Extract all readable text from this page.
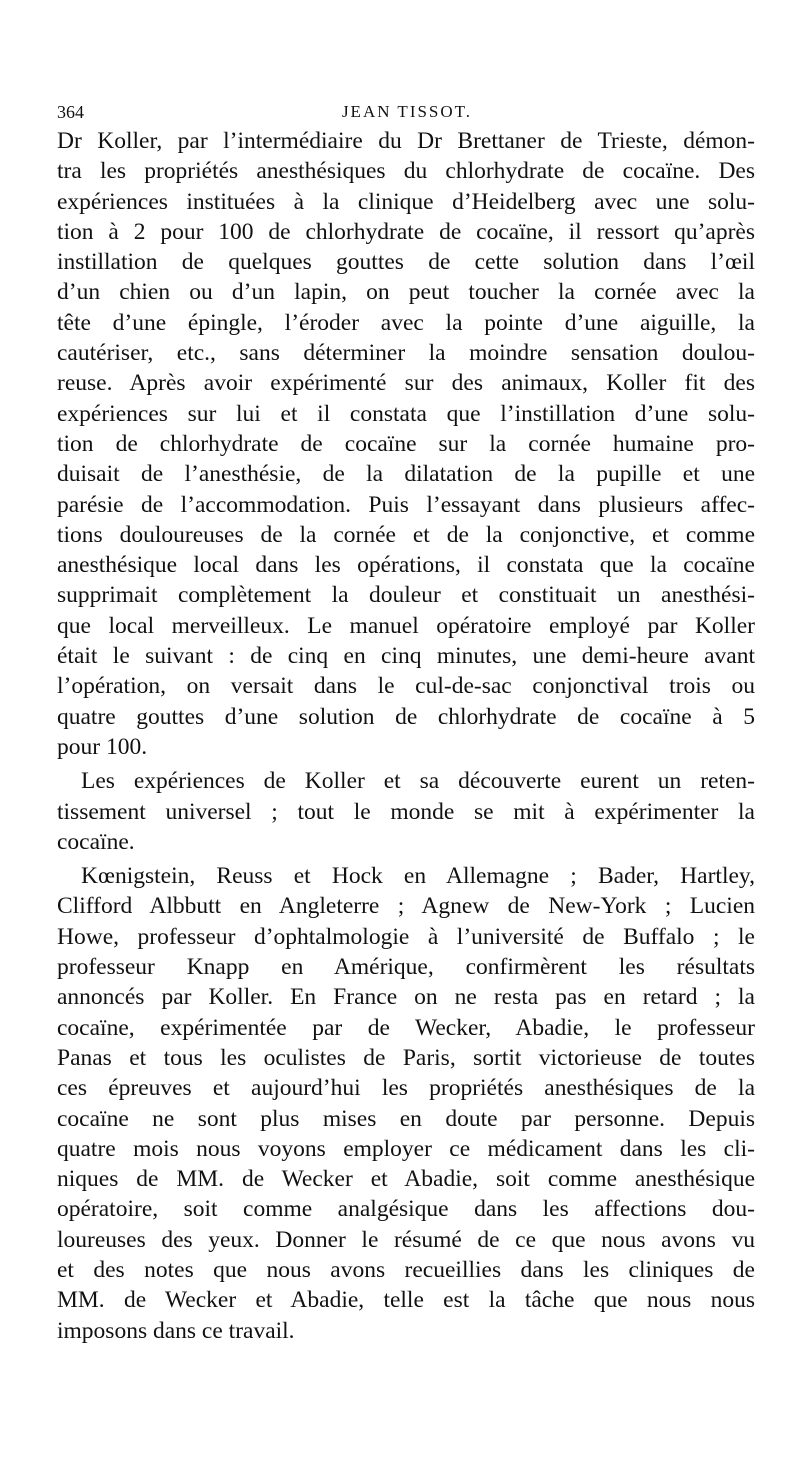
364	JEAN TISSOT.
Dr Koller, par l’intermédiaire du Dr Brettaner de Trieste, démon-
tra les propriétés anesthésiques du chlorhydrate de cocaïne. Des
expériences instituées à la clinique d’Heidelberg avec une solu-
tion à 2 pour 100 de chlorhydrate de cocaïne, il ressort qu’après
instillation de quelques gouttes de cette solution dans l’œil
d’un chien ou d’un lapin, on peut toucher la cornée avec la
tête d’une épingle, l’éroder avec la pointe d’une aiguille, la
cautériser, etc., sans déterminer la moindre sensation doulou-
reuse. Après avoir expérimenté sur des animaux, Koller fit des
expériences sur lui et il constata que l’instillation d’une solu-
tion de chlorhydrate de cocaïne sur la cornée humaine pro-
duisait de l’anesthésie, de la dilatation de la pupille et une
parésie de l’accommodation. Puis l’essayant dans plusieurs affec-
tions douloureuses de la cornée et de la conjonctive, et comme
anesthésique local dans les opérations, il constata que la cocaïne
supprimait complètement la douleur et constituait un anesthési-
que local merveilleux. Le manuel opératoire employé par Koller
était le suivant : de cinq en cinq minutes, une demi-heure avant
l’opération, on versait dans le cul-de-sac conjonctival trois ou
quatre gouttes d’une solution de chlorhydrate de cocaïne à 5
pour 100.
Les expériences de Koller et sa découverte eurent un reten-
tissement universel ; tout le monde se mit à expérimenter la
cocaïne.
Kœnigstein, Reuss et Hock en Allemagne ; Bader, Hartley,
Clifford Albbutt en Angleterre ; Agnew de New-York ; Lucien
Howe, professeur d’ophtalmologie à l’université de Buffalo ; le
professeur Knapp en Amérique, confirmèrent les résultats
annoncés par Koller. En France on ne resta pas en retard ; la
cocaïne, expérimentée par de Wecker, Abadie, le professeur
Panas et tous les oculistes de Paris, sortit victorieuse de toutes
ces épreuves et aujourd’hui les propriétés anesthésiques de la
cocaïne ne sont plus mises en doute par personne. Depuis
quatre mois nous voyons employer ce médicament dans les cli-
niques de MM. de Wecker et Abadie, soit comme anesthésique
opératoire, soit comme analgésique dans les affections dou-
loureuses des yeux. Donner le résumé de ce que nous avons vu
et des notes que nous avons recueillies dans les cliniques de
MM. de Wecker et Abadie, telle est la tâche que nous nous
imposons dans ce travail.
